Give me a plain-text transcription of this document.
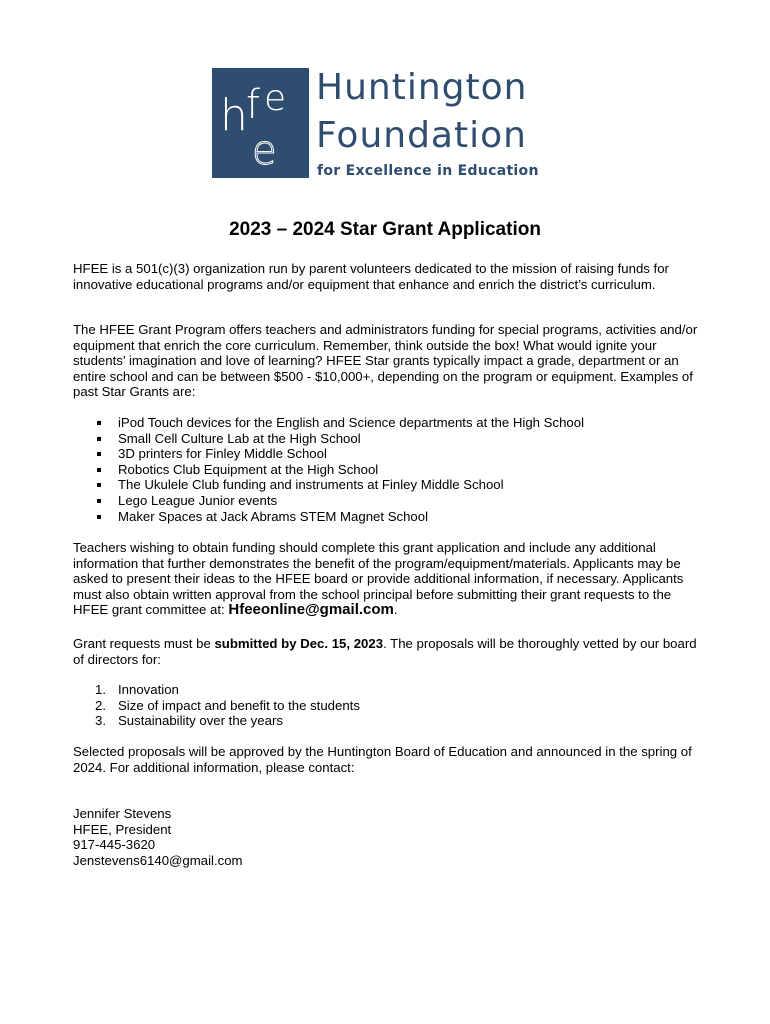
h
f e
e
Huntington
Foundation
for Excellence in Education
2023 – 2024 Star Grant Application

HFEE is a 501(c)(3) organization run by parent volunteers dedicated to the mission of raising funds for innovative educational programs and/or equipment that enhance and enrich the district’s curriculum.

The HFEE Grant Program offers teachers and administrators funding for special programs, activities and/or equipment that enrich the core curriculum. Remember, think outside the box! What would ignite your students’ imagination and love of learning? HFEE Star grants typically impact a grade, department or an entire school and can be between $500 - $10,000+, depending on the program or equipment. Examples of past Star Grants are:

iPod Touch devices for the English and Science departments at the High School
Small Cell Culture Lab at the High School
3D printers for Finley Middle School
Robotics Club Equipment at the High School
The Ukulele Club funding and instruments at Finley Middle School
Lego League Junior events
Maker Spaces at Jack Abrams STEM Magnet School

Teachers wishing to obtain funding should complete this grant application and include any additional information that further demonstrates the benefit of the program/equipment/materials. Applicants may be asked to present their ideas to the HFEE board or provide additional information, if necessary. Applicants must also obtain written approval from the school principal before submitting their grant requests to the HFEE grant committee at: Hfeeonline@gmail.com.

Grant requests must be submitted by Dec. 15, 2023. The proposals will be thoroughly vetted by our board of directors for:

1. Innovation
2. Size of impact and benefit to the students
3. Sustainability over the years

Selected proposals will be approved by the Huntington Board of Education and announced in the spring of 2024. For additional information, please contact:

Jennifer Stevens
HFEE, President
917-445-3620
Jenstevens6140@gmail.com
